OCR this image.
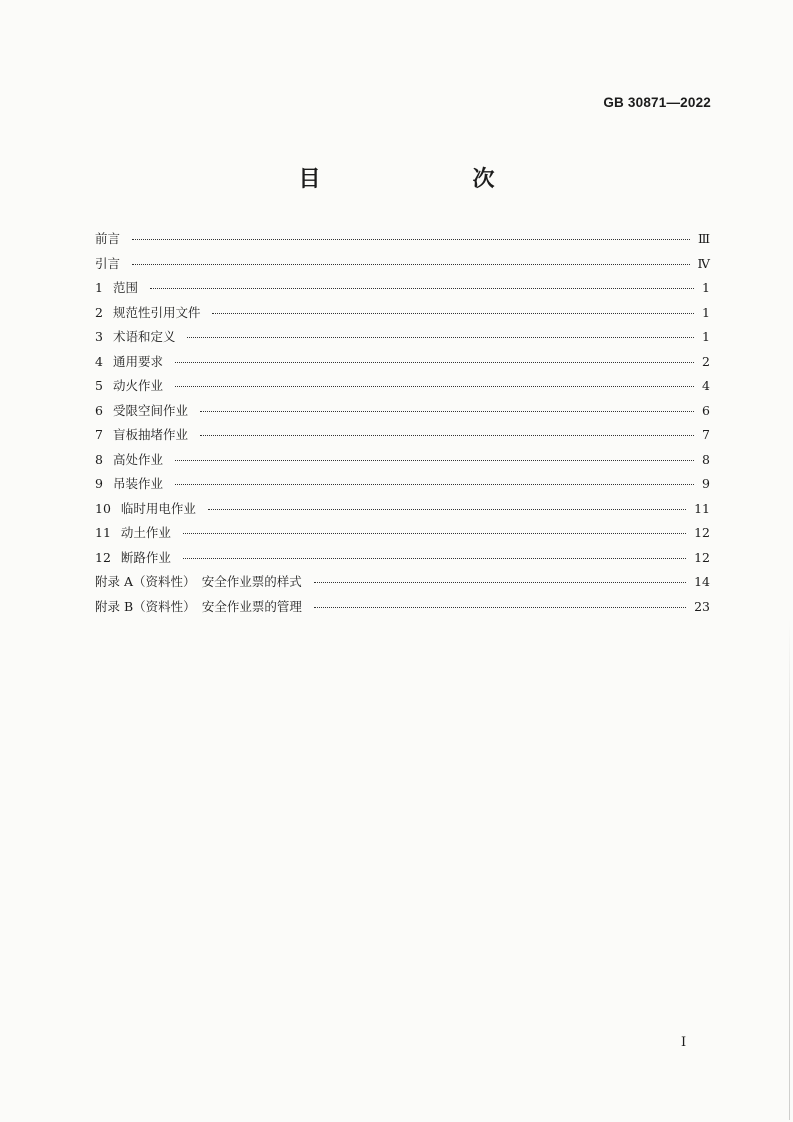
GB 30871—2022
目　　次
前言	Ⅲ
引言	Ⅳ
1 范围	1
2 规范性引用文件	1
3 术语和定义	1
4 通用要求	2
5 动火作业	4
6 受限空间作业	6
7 盲板抽堵作业	7
8 高处作业	8
9 吊装作业	9
10 临时用电作业	11
11 动土作业	12
12 断路作业	12
附录 A（资料性）　安全作业票的样式	14
附录 B（资料性）　安全作业票的管理	23
I
